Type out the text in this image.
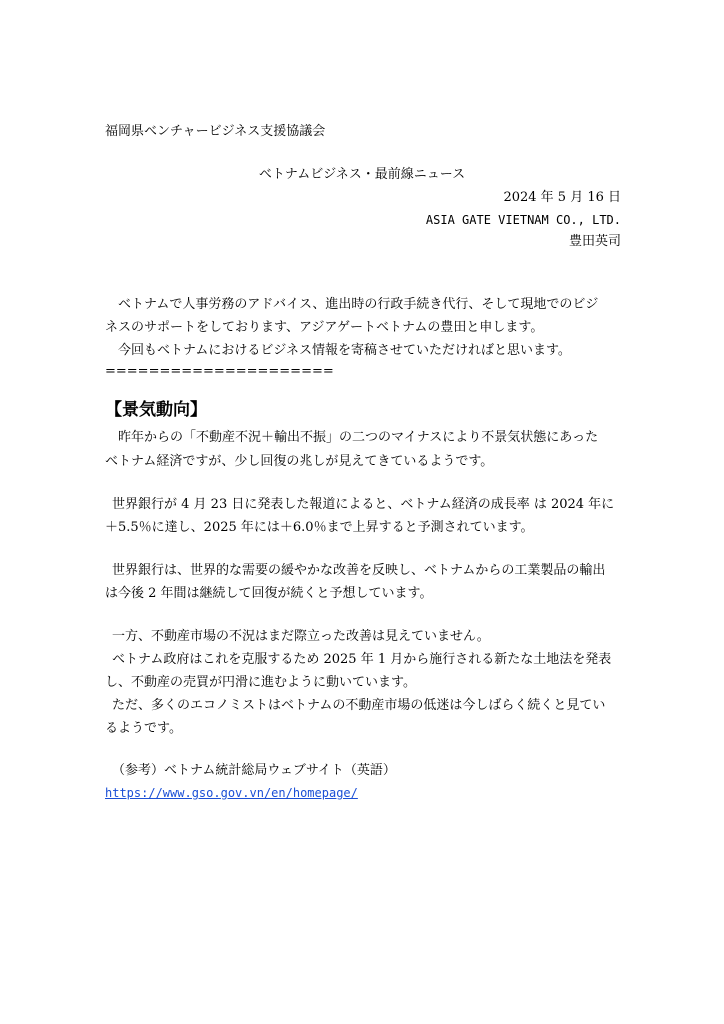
福岡県ベンチャービジネス支援協議会
ベトナムビジネス・最前線ニュース
2024 年 5 月 16 日
ASIA GATE VIETNAM CO., LTD.
豊田英司
ベトナムで人事労務のアドバイス、進出時の行政手続き代行、そして現地でのビジ
ネスのサポートをしております、アジアゲートベトナムの豊田と申します。
今回もベトナムにおけるビジネス情報を寄稿させていただければと思います。
=====================
【景気動向】
昨年からの「不動産不況＋輸出不振」の二つのマイナスにより不景気状態にあった
ベトナム経済ですが、少し回復の兆しが見えてきているようです。
世界銀行が 4 月 23 日に発表した報道によると、ベトナム経済の成長率 は 2024 年に
＋5.5％に達し、2025 年には＋6.0％まで上昇すると予測されています。
世界銀行は、世界的な需要の緩やかな改善を反映し、ベトナムからの工業製品の輸出
は今後 2 年間は継続して回復が続くと予想しています。
一方、不動産市場の不況はまだ際立った改善は見えていません。
ベトナム政府はこれを克服するため 2025 年 1 月から施行される新たな土地法を発表
し、不動産の売買が円滑に進むように動いています。
ただ、多くのエコノミストはベトナムの不動産市場の低迷は今しばらく続くと見てい
るようです。
（参考）ベトナム統計総局ウェブサイト（英語）
https://www.gso.gov.vn/en/homepage/
